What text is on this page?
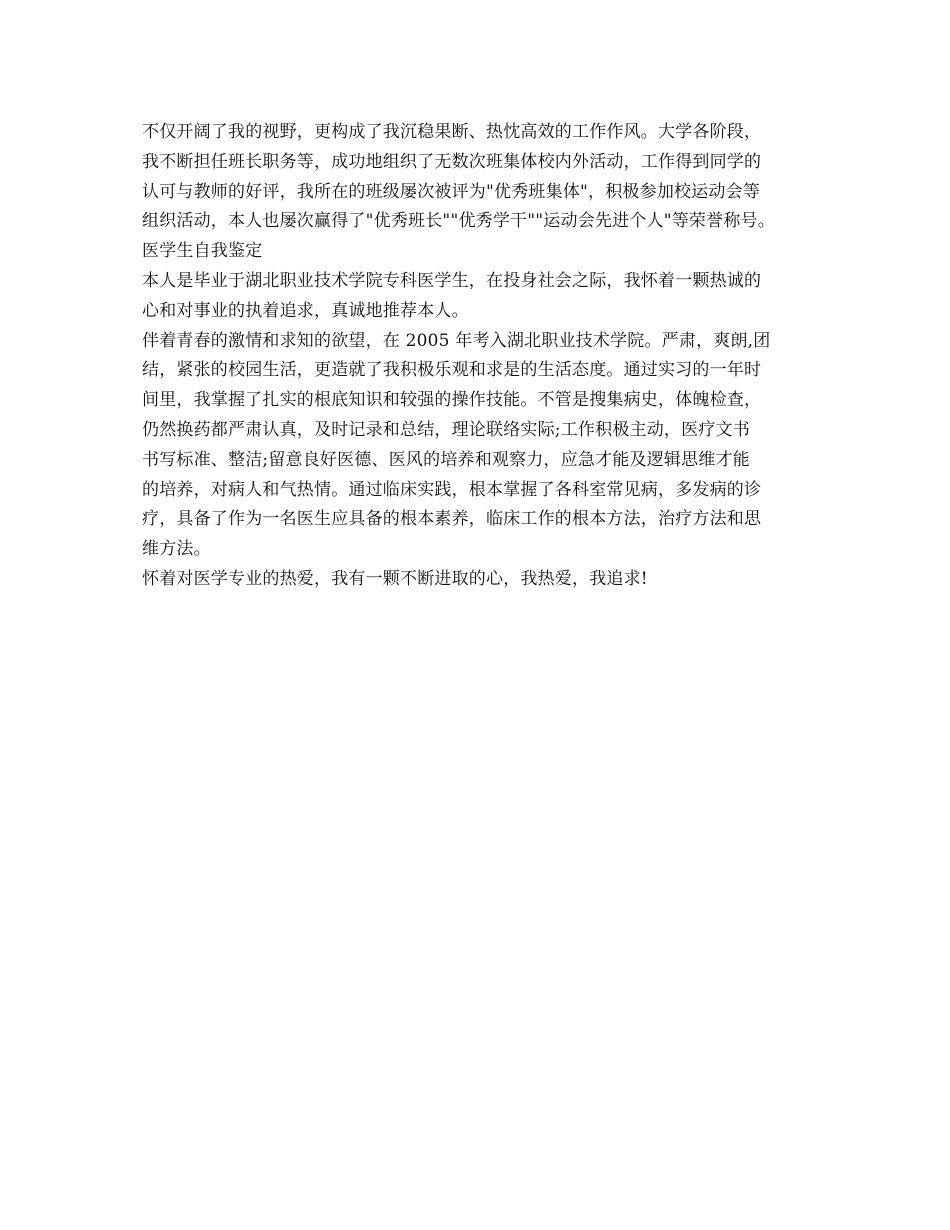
不仅开阔了我的视野，更构成了我沉稳果断、热忱高效的工作作风。大学各阶段，
我不断担任班长职务等，成功地组织了无数次班集体校内外活动，工作得到同学的
认可与教师的好评，我所在的班级屡次被评为"优秀班集体"，积极参加校运动会等
组织活动，本人也屡次赢得了"优秀班长""优秀学干""运动会先进个人"等荣誉称号。
医学生自我鉴定
本人是毕业于湖北职业技术学院专科医学生，在投身社会之际，我怀着一颗热诚的
心和对事业的执着追求，真诚地推荐本人。
伴着青春的激情和求知的欲望，在 2005 年考入湖北职业技术学院。严肃，爽朗,团
结，紧张的校园生活，更造就了我积极乐观和求是的生活态度。通过实习的一年时
间里，我掌握了扎实的根底知识和较强的操作技能。不管是搜集病史，体魄检查，
仍然换药都严肃认真，及时记录和总结，理论联络实际;工作积极主动，医疗文书
书写标准、整洁;留意良好医德、医风的培养和观察力，应急才能及逻辑思维才能
的培养，对病人和气热情。通过临床实践，根本掌握了各科室常见病，多发病的诊
疗，具备了作为一名医生应具备的根本素养，临床工作的根本方法，治疗方法和思
维方法。
怀着对医学专业的热爱，我有一颗不断进取的心，我热爱，我追求!
